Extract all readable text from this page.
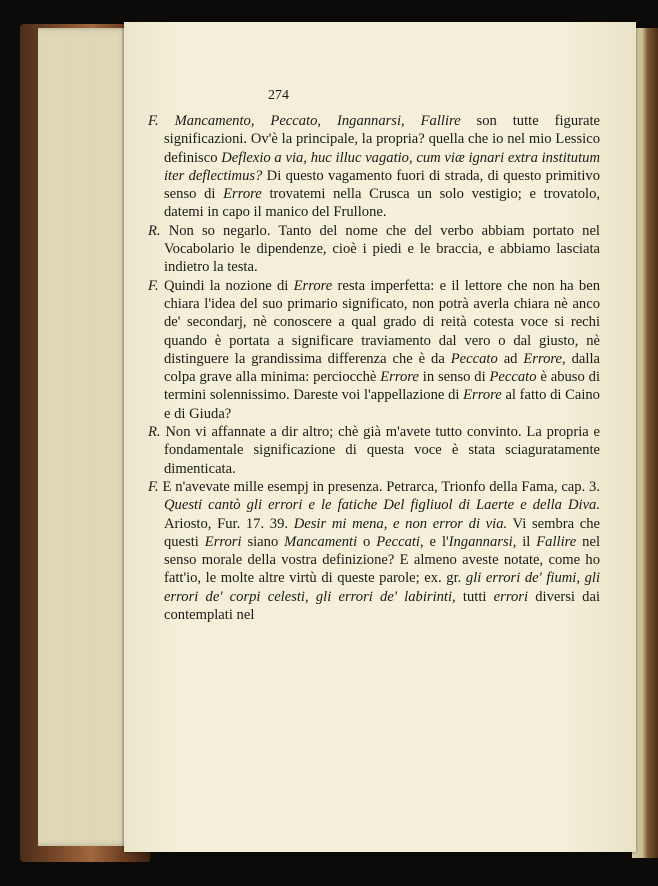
274
F. Mancamento, Peccato, Ingannarsi, Fallire son tutte figurate significazioni. Ov'è la principale, la propria? quella che io nel mio Lessico definisco Deflexio a via, huc illuc vagatio, cum viæ ignari extra institutum iter deflectimus? Di questo vagamento fuori di strada, di questo primitivo senso di Errore trovatemi nella Crusca un solo vestigio; e trovatolo, datemi in capo il manico del Frullone.
R. Non so negarlo. Tanto del nome che del verbo abbiam portato nel Vocabolario le dipendenze, cioè i piedi e le braccia, e abbiamo lasciata indietro la testa.
F. Quindi la nozione di Errore resta imperfetta: e il lettore che non ha ben chiara l'idea del suo primario significato, non potrà averla chiara nè anco de' secondarj, nè conoscere a qual grado di reità cotesta voce si rechi quando è portata a significare traviamento dal vero o dal giusto, nè distinguere la grandissima differenza che è da Peccato ad Errore, dalla colpa grave alla minima: perciocchè Errore in senso di Peccato è abuso di termini solennissimo. Dareste voi l'appellazione di Errore al fatto di Caino e di Giuda?
R. Non vi affannate a dir altro; chè già m'avete tutto convinto. La propria e fondamentale significazione di questa voce è stata sciaguratamente dimenticata.
F. E n'avevate mille esempj in presenza. Petrarca, Trionfo della Fama, cap. 3. Questi cantò gli errori e le fatiche Del figliuol di Laerte e della Diva. Ariosto, Fur. 17. 39. Desir mi mena, e non error di via. Vi sembra che questi Errori siano Mancamenti o Peccati, e l'Ingannarsi, il Fallire nel senso morale della vostra definizione? E almeno aveste notate, come ho fatt'io, le molte altre virtù di queste parole; ex. gr. gli errori de' fiumi, gli errori de' corpi celesti, gli errori de' labirinti, tutti errori diversi dai contemplati nel
